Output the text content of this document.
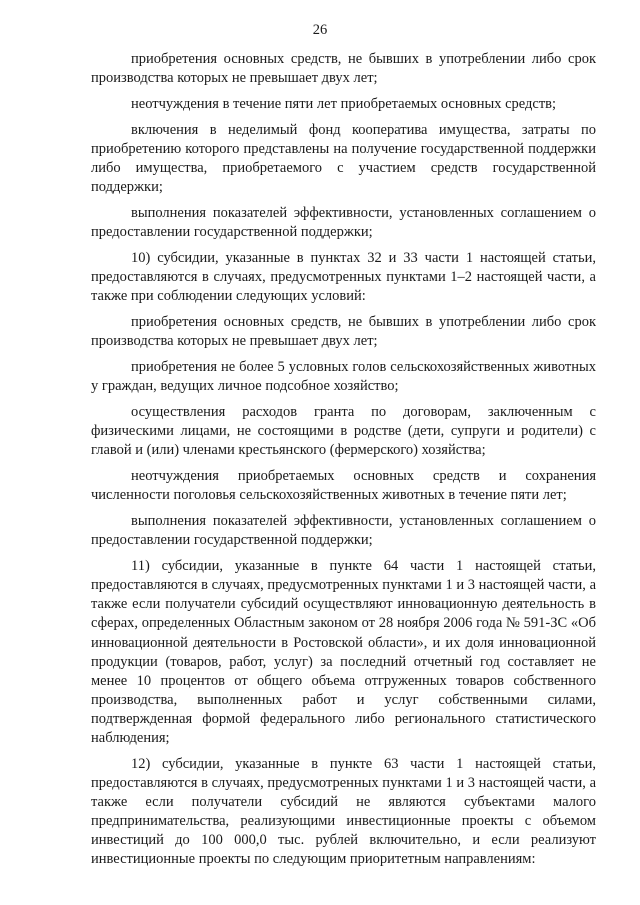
26

приобретения основных средств, не бывших в употреблении либо срок производства которых не превышает двух лет;

неотчуждения в течение пяти лет приобретаемых основных средств;

включения в неделимый фонд кооператива имущества, затраты по приобретению которого представлены на получение государственной поддержки либо имущества, приобретаемого с участием средств государственной поддержки;

выполнения показателей эффективности, установленных соглашением о предоставлении государственной поддержки;

10) субсидии, указанные в пунктах 32 и 33 части 1 настоящей статьи, предоставляются в случаях, предусмотренных пунктами 1–2 настоящей части, а также при соблюдении следующих условий:

приобретения основных средств, не бывших в употреблении либо срок производства которых не превышает двух лет;

приобретения не более 5 условных голов сельскохозяйственных животных у граждан, ведущих личное подсобное хозяйство;

осуществления расходов гранта по договорам, заключенным с физическими лицами, не состоящими в родстве (дети, супруги и родители) с главой и (или) членами крестьянского (фермерского) хозяйства;

неотчуждения приобретаемых основных средств и сохранения численности поголовья сельскохозяйственных животных в течение пяти лет;

выполнения показателей эффективности, установленных соглашением о предоставлении государственной поддержки;

11) субсидии, указанные в пункте 64 части 1 настоящей статьи, предоставляются в случаях, предусмотренных пунктами 1 и 3 настоящей части, а также если получатели субсидий осуществляют инновационную деятельность в сферах, определенных Областным законом от 28 ноября 2006 года № 591-ЗС «Об инновационной деятельности в Ростовской области», и их доля инновационной продукции (товаров, работ, услуг) за последний отчетный год составляет не менее 10 процентов от общего объема отгруженных товаров собственного производства, выполненных работ и услуг собственными силами, подтвержденная формой федерального либо регионального статистического наблюдения;

12) субсидии, указанные в пункте 63 части 1 настоящей статьи, предоставляются в случаях, предусмотренных пунктами 1 и 3 настоящей части, а также если получатели субсидий не являются субъектами малого предпринимательства, реализующими инвестиционные проекты с объемом инвестиций до 100 000,0 тыс. рублей включительно, и если реализуют инвестиционные проекты по следующим приоритетным направлениям:
